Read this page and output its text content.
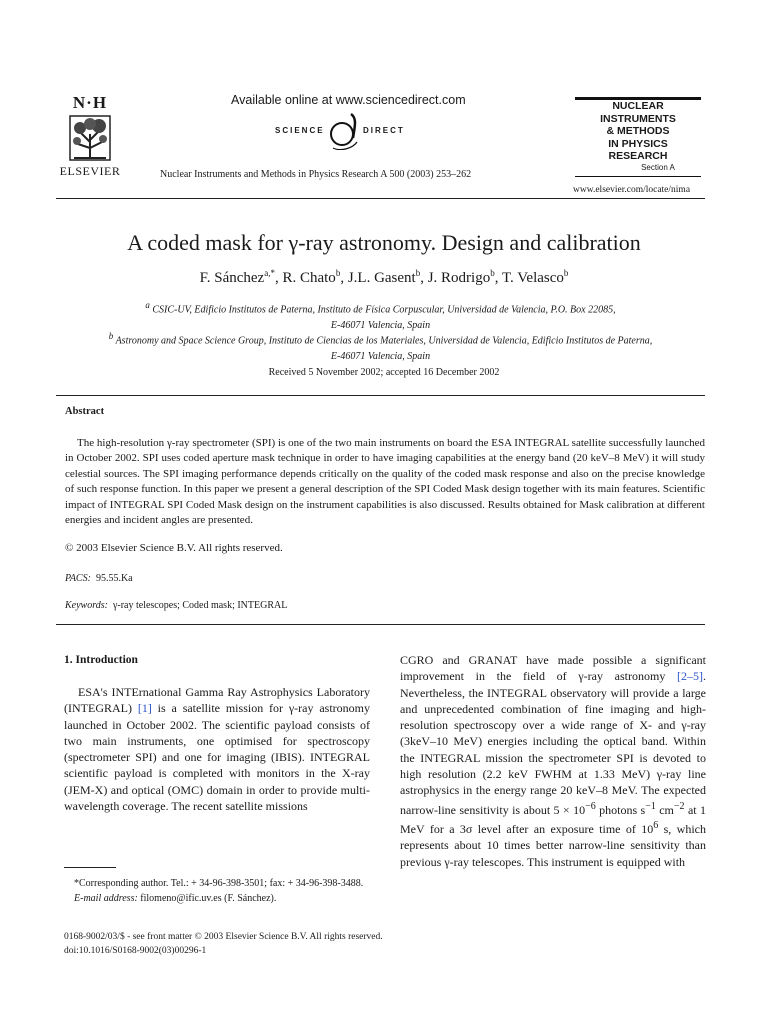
N·H
ELSEVIER
Available online at www.sciencedirect.com
SCIENCE	DIRECT
Nuclear Instruments and Methods in Physics Research A 500 (2003) 253–262
NUCLEAR
INSTRUMENTS
& METHODS
IN PHYSICS
RESEARCH
Section A
www.elsevier.com/locate/nima
A coded mask for γ-ray astronomy. Design and calibration
F. Sánchez$^{a,*}$, R. Chato$^b$, J.L. Gasent$^b$, J. Rodrigo$^b$, T. Velasco$^b$
$^a$ CSIC-UV, Edificio Institutos de Paterna, Instituto de Física Corpuscular, Universidad de Valencia, P.O. Box 22085,
E-46071 Valencia, Spain
$^b$ Astronomy and Space Science Group, Instituto de Ciencias de los Materiales, Universidad de Valencia, Edificio Institutos de Paterna,
E-46071 Valencia, Spain
Received 5 November 2002; accepted 16 December 2002
Abstract

The high-resolution γ-ray spectrometer (SPI) is one of the two main instruments on board the ESA INTEGRAL satellite successfully launched in October 2002. SPI uses coded aperture mask technique in order to have imaging capabilities at the energy band (20 keV–8 MeV) it will study celestial sources. The SPI imaging performance depends critically on the quality of the coded mask response and also on the precise knowledge of such response function. In this paper we present a general description of the SPI Coded Mask design together with its main features. Scientific impact of INTEGRAL SPI Coded Mask design on the instrument capabilities is also discussed. Results obtained for Mask calibration at different energies and incident angles are presented.

© 2003 Elsevier Science B.V. All rights reserved.
PACS: 95.55.Ka
Keywords: γ-ray telescopes; Coded mask; INTEGRAL
1. Introduction

ESA's INTErnational Gamma Ray Astrophysics Laboratory (INTEGRAL) [1] is a satellite mission for γ-ray astronomy launched in October 2002. The scientific payload consists of two main instruments, one optimised for spectroscopy (spectrometer SPI) and one for imaging (IBIS). INTEGRAL scientific payload is completed with monitors in the X-ray (JEM-X) and optical (OMC) domain in order to provide multi-wavelength coverage. The recent satellite missions

*Corresponding author. Tel.: + 34-96-398-3501; fax: + 34-96-398-3488.

E-mail address: filomeno@ific.uv.es (F. Sánchez).

CGRO and GRANAT have made possible a significant improvement in the field of γ-ray astronomy [2–5]. Nevertheless, the INTEGRAL observatory will provide a large and unprecedented combination of fine imaging and high-resolution spectroscopy over a wide range of X- and γ-ray (3keV–10 MeV) energies including the optical band. Within the INTEGRAL mission the spectrometer SPI is devoted to high resolution (2.2 keV FWHM at 1.33 MeV) γ-ray line astrophysics in the energy range 20 keV–8 MeV. The expected narrow-line sensitivity is about $5 \times 10^{-6}$ photons $s^{-1}$ $cm^{-2}$ at 1 MeV for a 3σ level after an exposure time of $10^6$ s, which represents about 10 times better narrow-line sensitivity than previous γ-ray telescopes. This instrument is equipped with

0168-9002/03/$ - see front matter © 2003 Elsevier Science B.V. All rights reserved.
doi:10.1016/S0168-9002(03)00296-1
